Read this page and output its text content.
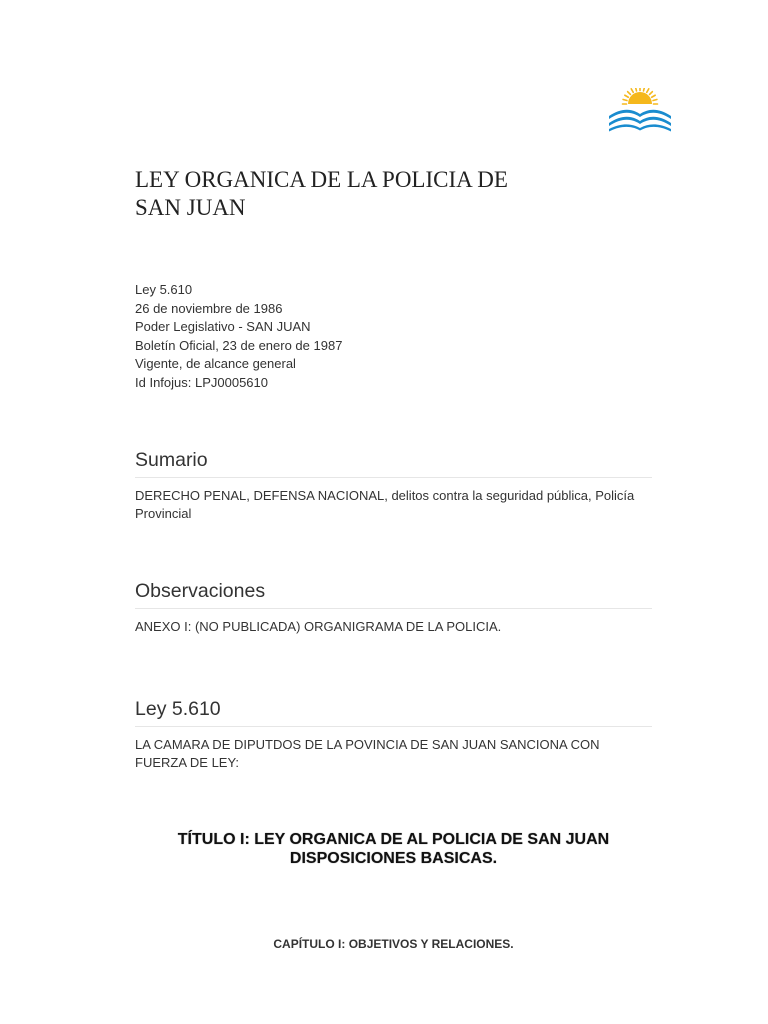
LEY ORGANICA DE LA POLICIA DE
SAN JUAN
Ley 5.610
26 de noviembre de 1986
Poder Legislativo - SAN JUAN
Boletín Oficial, 23 de enero de 1987
Vigente, de alcance general
Id Infojus: LPJ0005610
Sumario

DERECHO PENAL, DEFENSA NACIONAL, delitos contra la seguridad pública, Policía Provincial

Observaciones

ANEXO I: (NO PUBLICADA) ORGANIGRAMA DE LA POLICIA.

Ley 5.610

LA CAMARA DE DIPUTDOS DE LA POVINCIA DE SAN JUAN SANCIONA CON FUERZA DE LEY:

TÍTULO I: LEY ORGANICA DE AL POLICIA DE SAN JUAN
DISPOSICIONES BASICAS.
CAPÍTULO I: OBJETIVOS Y RELACIONES.
